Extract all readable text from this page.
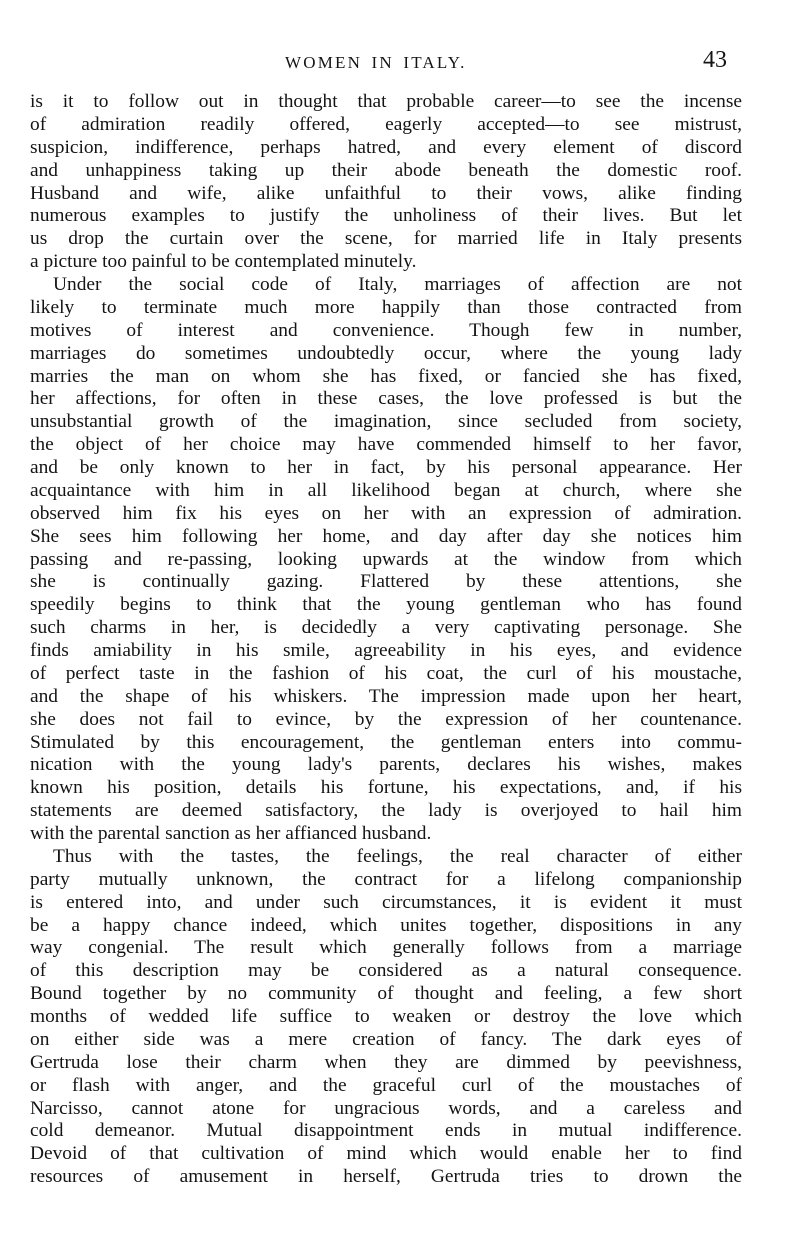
WOMEN IN ITALY.	43
is it to follow out in thought that probable career—to see the incense
of admiration readily offered, eagerly accepted—to see mistrust,
suspicion, indifference, perhaps hatred, and every element of discord
and unhappiness taking up their abode beneath the domestic roof.
Husband and wife, alike unfaithful to their vows, alike finding
numerous examples to justify the unholiness of their lives. But let
us drop the curtain over the scene, for married life in Italy presents
a picture too painful to be contemplated minutely.
Under the social code of Italy, marriages of affection are not
likely to terminate much more happily than those contracted from
motives of interest and convenience. Though few in number,
marriages do sometimes undoubtedly occur, where the young lady
marries the man on whom she has fixed, or fancied she has fixed,
her affections, for often in these cases, the love professed is but the
unsubstantial growth of the imagination, since secluded from society,
the object of her choice may have commended himself to her favor,
and be only known to her in fact, by his personal appearance. Her
acquaintance with him in all likelihood began at church, where she
observed him fix his eyes on her with an expression of admiration.
She sees him following her home, and day after day she notices him
passing and re-passing, looking upwards at the window from which
she is continually gazing. Flattered by these attentions, she
speedily begins to think that the young gentleman who has found
such charms in her, is decidedly a very captivating personage. She
finds amiability in his smile, agreeability in his eyes, and evidence
of perfect taste in the fashion of his coat, the curl of his moustache,
and the shape of his whiskers. The impression made upon her heart,
she does not fail to evince, by the expression of her countenance.
Stimulated by this encouragement, the gentleman enters into commu-
nication with the young lady's parents, declares his wishes, makes
known his position, details his fortune, his expectations, and, if his
statements are deemed satisfactory, the lady is overjoyed to hail him
with the parental sanction as her affianced husband.
Thus with the tastes, the feelings, the real character of either
party mutually unknown, the contract for a lifelong companionship
is entered into, and under such circumstances, it is evident it must
be a happy chance indeed, which unites together, dispositions in any
way congenial. The result which generally follows from a marriage
of this description may be considered as a natural consequence.
Bound together by no community of thought and feeling, a few short
months of wedded life suffice to weaken or destroy the love which
on either side was a mere creation of fancy. The dark eyes of
Gertruda lose their charm when they are dimmed by peevishness,
or flash with anger, and the graceful curl of the moustaches of
Narcisso, cannot atone for ungracious words, and a careless and
cold demeanor. Mutual disappointment ends in mutual indifference.
Devoid of that cultivation of mind which would enable her to find
resources of amusement in herself, Gertruda tries to drown the
